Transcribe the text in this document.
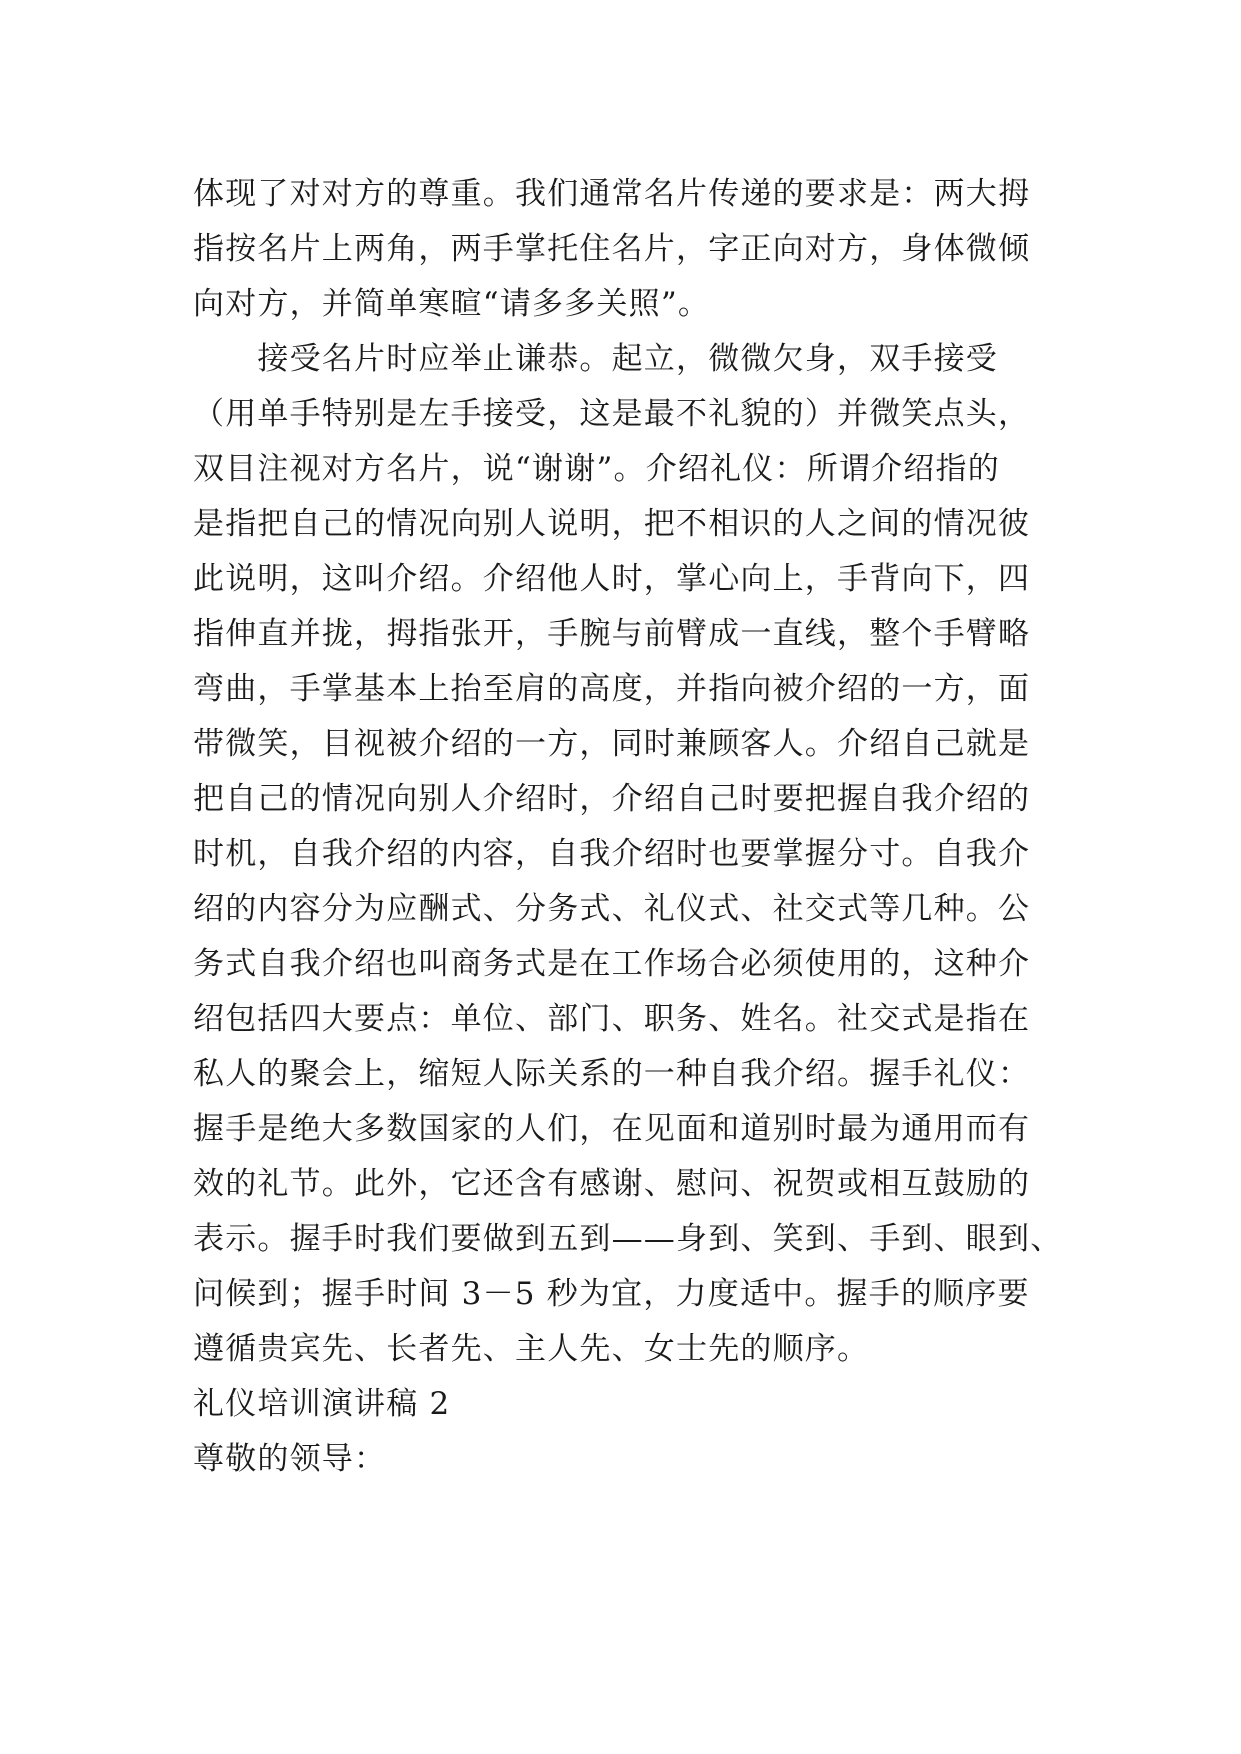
体现了对对方的尊重。我们通常名片传递的要求是：两大拇
指按名片上两角，两手掌托住名片，字正向对方，身体微倾
向对方，并简单寒暄“请多多关照”。
　　接受名片时应举止谦恭。起立，微微欠身，双手接受
（用单手特别是左手接受，这是最不礼貌的）并微笑点头，
双目注视对方名片，说“谢谢”。介绍礼仪：所谓介绍指的
是指把自己的情况向别人说明，把不相识的人之间的情况彼
此说明，这叫介绍。介绍他人时，掌心向上，手背向下，四
指伸直并拢，拇指张开，手腕与前臂成一直线，整个手臂略
弯曲，手掌基本上抬至肩的高度，并指向被介绍的一方，面
带微笑，目视被介绍的一方，同时兼顾客人。介绍自己就是
把自己的情况向别人介绍时，介绍自己时要把握自我介绍的
时机，自我介绍的内容，自我介绍时也要掌握分寸。自我介
绍的内容分为应酬式、分务式、礼仪式、社交式等几种。公
务式自我介绍也叫商务式是在工作场合必须使用的，这种介
绍包括四大要点：单位、部门、职务、姓名。社交式是指在
私人的聚会上，缩短人际关系的一种自我介绍。握手礼仪：
握手是绝大多数国家的人们，在见面和道别时最为通用而有
效的礼节。此外，它还含有感谢、慰问、祝贺或相互鼓励的
表示。握手时我们要做到五到——身到、笑到、手到、眼到、
问候到；握手时间 3－5 秒为宜，力度适中。握手的顺序要
遵循贵宾先、长者先、主人先、女士先的顺序。
礼仪培训演讲稿 2
尊敬的领导：
